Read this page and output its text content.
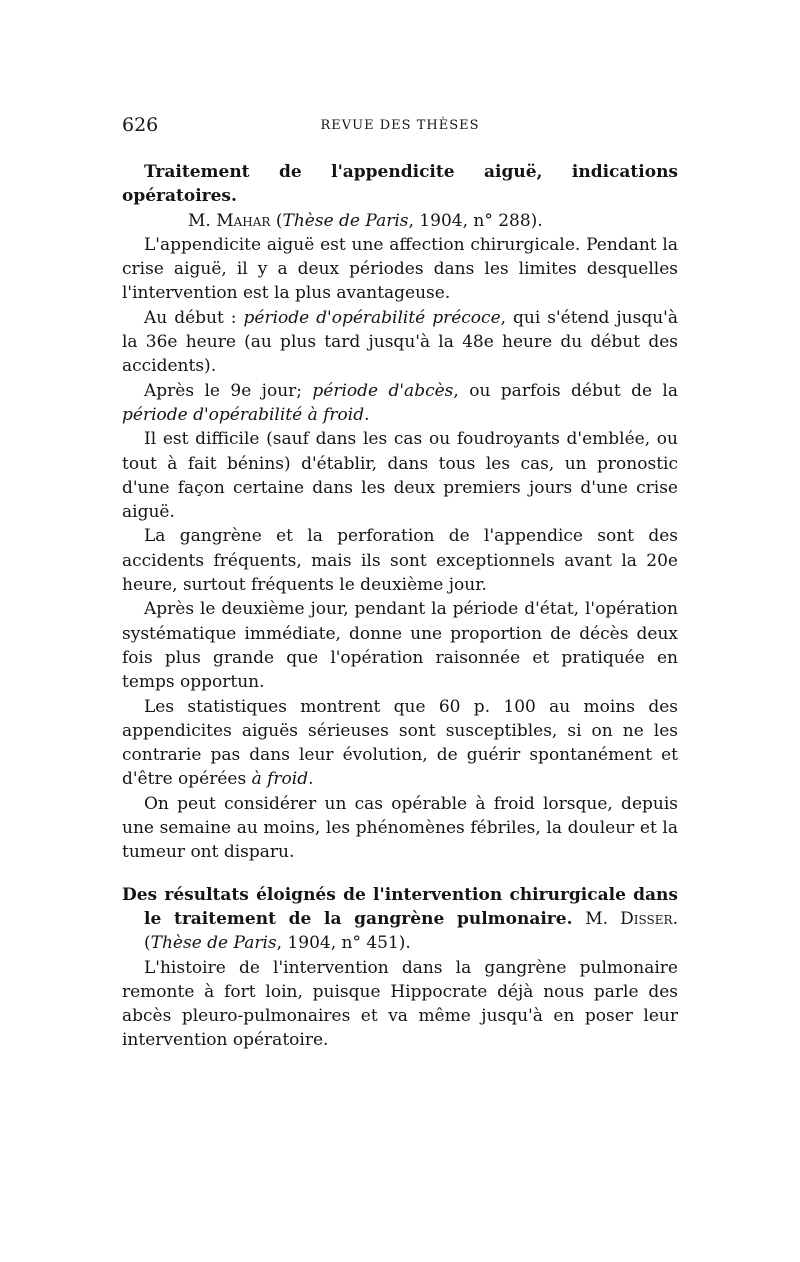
626	REVUE DES THÈSES

Traitement de l'appendicite aiguë, indications opératoires.

M. Mahar (Thèse de Paris, 1904, n° 288).

L'appendicite aiguë est une affection chirurgicale. Pendant la crise aiguë, il y a deux périodes dans les limites desquelles l'intervention est la plus avantageuse.

Au début : période d'opérabilité précoce, qui s'étend jusqu'à la 36e heure (au plus tard jusqu'à la 48e heure du début des accidents).

Après le 9e jour; période d'abcès, ou parfois début de la période d'opérabilité à froid.

Il est difficile (sauf dans les cas ou foudroyants d'emblée, ou tout à fait bénins) d'établir, dans tous les cas, un pronostic d'une façon certaine dans les deux premiers jours d'une crise aiguë.

La gangrène et la perforation de l'appendice sont des accidents fréquents, mais ils sont exceptionnels avant la 20e heure, surtout fréquents le deuxième jour.

Après le deuxième jour, pendant la période d'état, l'opération systématique immédiate, donne une proportion de décès deux fois plus grande que l'opération raisonnée et pratiquée en temps opportun.

Les statistiques montrent que 60 p. 100 au moins des appendicites aiguës sérieuses sont susceptibles, si on ne les contrarie pas dans leur évolution, de guérir spontanément et d'être opérées à froid.

On peut considérer un cas opérable à froid lorsque, depuis une semaine au moins, les phénomènes fébriles, la douleur et la tumeur ont disparu.

Des résultats éloignés de l'intervention chirurgicale dans le traitement de la gangrène pulmonaire. M. Disser. (Thèse de Paris, 1904, n° 451).

L'histoire de l'intervention dans la gangrène pulmonaire remonte à fort loin, puisque Hippocrate déjà nous parle des abcès pleuro-pulmonaires et va même jusqu'à en poser leur intervention opératoire.
